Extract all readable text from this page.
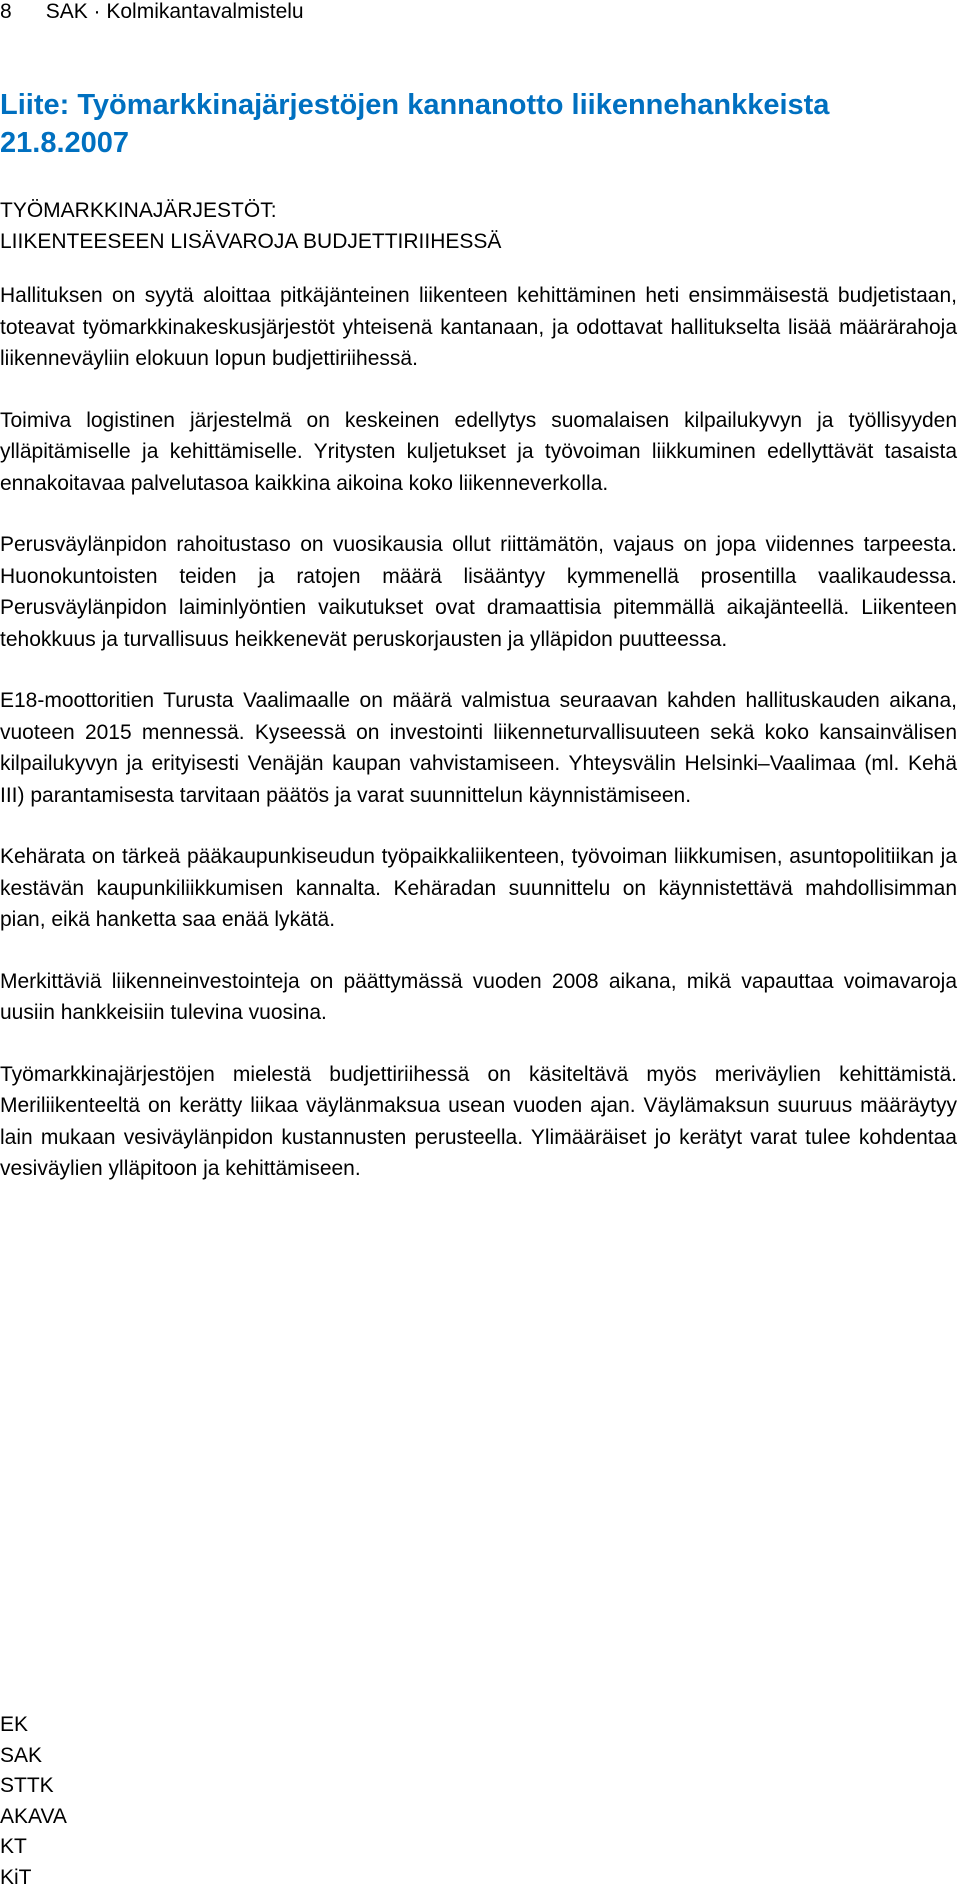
8 SAK · Kolmikantavalmistelu
Liite: Työmarkkinajärjestöjen kannanotto liikennehankkeista 21.8.2007
TYÖMARKKINAJÄRJESTÖT:
LIIKENTEESEEN LISÄVAROJA BUDJETTIRIIHESSÄ

Hallituksen on syytä aloittaa pitkäjänteinen liikenteen kehittäminen heti ensimmäisestä budjetistaan, toteavat työmarkkinakeskusjärjestöt yhteisenä kantanaan, ja odottavat hallitukselta lisää määrärahoja liikenneväyliin elokuun lopun budjettiriihessä.

Toimiva logistinen järjestelmä on keskeinen edellytys suomalaisen kilpailukyvyn ja työllisyyden ylläpitämiselle ja kehittämiselle. Yritysten kuljetukset ja työvoiman liikkuminen edellyttävät tasaista ennakoitavaa palvelutasoa kaikkina aikoina koko liikenneverkolla.

Perusväylänpidon rahoitustaso on vuosikausia ollut riittämätön, vajaus on jopa viidennes tarpeesta. Huonokuntoisten teiden ja ratojen määrä lisääntyy kymmenellä prosentilla vaalikaudessa. Perusväylänpidon laiminlyöntien vaikutukset ovat dramaattisia pitemmällä aikajänteellä. Liikenteen tehokkuus ja turvallisuus heikkenevät peruskorjausten ja ylläpidon puutteessa.

E18-moottoritien Turusta Vaalimaalle on määrä valmistua seuraavan kahden hallituskauden aikana, vuoteen 2015 mennessä. Kyseessä on investointi liikenneturvallisuuteen sekä koko kansainvälisen kilpailukyvyn ja erityisesti Venäjän kaupan vahvistamiseen. Yhteysvälin Helsinki–Vaalimaa (ml. Kehä III) parantamisesta tarvitaan päätös ja varat suunnittelun käynnistämiseen.

Kehärata on tärkeä pääkaupunkiseudun työpaikkaliikenteen, työvoiman liikkumisen, asuntopolitiikan ja kestävän kaupunkiliikkumisen kannalta. Kehäradan suunnittelu on käynnistettävä mahdollisimman pian, eikä hanketta saa enää lykätä.

Merkittäviä liikenneinvestointeja on päättymässä vuoden 2008 aikana, mikä vapauttaa voimavaroja uusiin hankkeisiin tulevina vuosina.

Työmarkkinajärjestöjen mielestä budjettiriihessä on käsiteltävä myös meriväylien kehittämistä. Meriliikenteeltä on kerätty liikaa väylänmaksua usean vuoden ajan. Väylämaksun suuruus määräytyy lain mukaan vesiväylänpidon kustannusten perusteella. Ylimääräiset jo kerätyt varat tulee kohdentaa vesiväylien ylläpitoon ja kehittämiseen.

EK
SAK
STTK
AKAVA
KT
KiT
